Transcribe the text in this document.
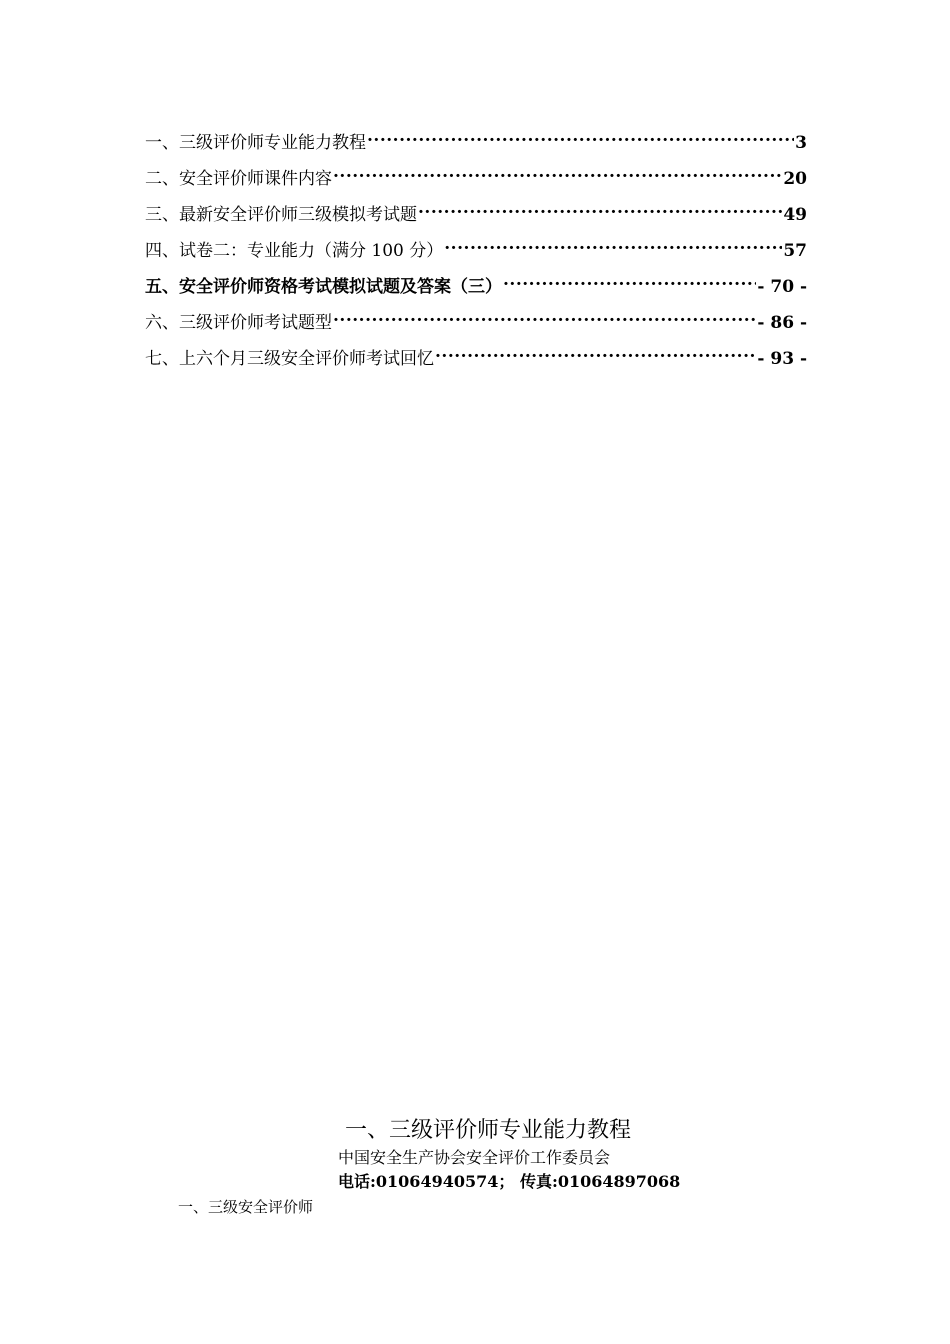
一、三级评价师专业能力教程 .....	3
二、安全评价师课件内容 .....	20
三、最新安全评价师三级模拟考试题 .....	49
四、试卷二：专业能力（满分 100 分） .....	57
五、安全评价师资格考试模拟试题及答案（三） .....	- 70 -
六、三级评价师考试题型 .....	- 86 -
七、上六个月三级安全评价师考试回忆 .....	- 93 -
一、三级评价师专业能力教程
中国安全生产协会安全评价工作委员会
电话:01064940574； 传真:01064897068
一、三级安全评价师
